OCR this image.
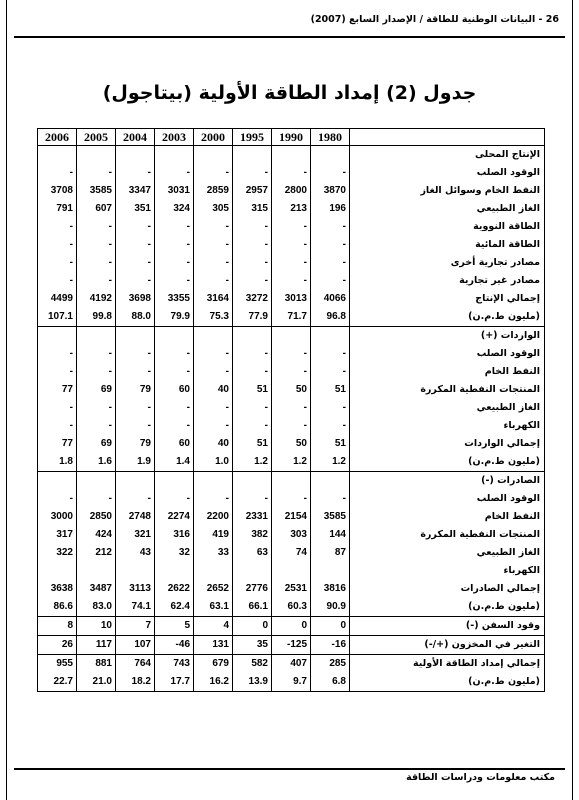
26 - البيانات الوطنية للطاقة / الإصدار السابع (2007)
جدول (2) إمداد الطاقة الأولية (بيتاجول)
2006	2005	2004	2003	2000	1995	1990	1980	
								الإنتاج المحلى
-	-	-	-	-	-	-	-	الوقود الصلب
3708	3585	3347	3031	2859	2957	2800	3870	النفط الخام وسوائل الغاز
791	607	351	324	305	315	213	196	الغاز الطبيعي
-	-	-	-	-	-	-	-	الطاقة النووية
-	-	-	-	-	-	-	-	الطاقة المائية
-	-	-	-	-	-	-	-	مصادر تجارية أخرى
-	-	-	-	-	-	-	-	مصادر غير تجارية
4499	4192	3698	3355	3164	3272	3013	4066	إجمالي الإنتاج
107.1	99.8	88.0	79.9	75.3	77.9	71.7	96.8	(مليون ط.م.ن)
								الواردات (+)
-	-	-	-	-	-	-	-	الوقود الصلب
-	-	-	-	-	-	-	-	النفط الخام
77	69	79	60	40	51	50	51	المنتجات النفطية المكررة
-	-	-	-	-	-	-	-	الغاز الطبيعي
-	-	-	-	-	-	-	-	الكهرباء
77	69	79	60	40	51	50	51	إجمالي الواردات
1.8	1.6	1.9	1.4	1.0	1.2	1.2	1.2	(مليون ط.م.ن)
								الصادرات (-)
-	-	-	-	-	-	-	-	الوقود الصلب
3000	2850	2748	2274	2200	2331	2154	3585	النفط الخام
317	424	321	316	419	382	303	144	المنتجات النفطية المكررة
322	212	43	32	33	63	74	87	الغاز الطبيعي
								الكهرباء
3638	3487	3113	2622	2652	2776	2531	3816	إجمالي الصادرات
86.6	83.0	74.1	62.4	63.1	66.1	60.3	90.9	(مليون ط.م.ن)
8	10	7	5	4	0	0	0	وقود السفن (-)
26	117	107	-46	131	35	-125	-16	التغير في المخزون (+/-)
955	881	764	743	679	582	407	285	إجمالي إمداد الطاقة الأولية
22.7	21.0	18.2	17.7	16.2	13.9	9.7	6.8	(مليون ط.م.ن)
مكتب معلومات ودراسات الطاقة
